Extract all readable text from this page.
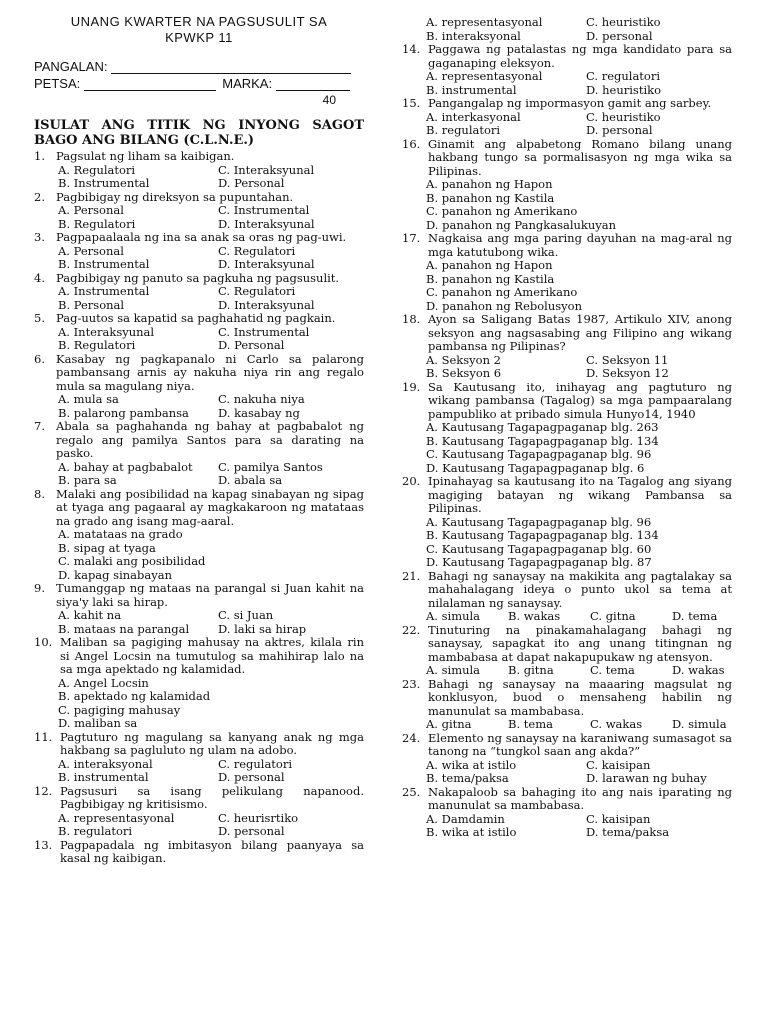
UNANG KWARTER NA PAGSUSULIT SA
KPWKP 11
PANGALAN:
PETSA:	MARKA:
40
ISULAT ANG TITIK NG INYONG SAGOT BAGO ANG BILANG (C.L.N.E.)
1. Pagsulat ng liham sa kaibigan.
A. Regulatori	C. Interaksyunal
B. Instrumental	D. Personal
2. Pagbibigay ng direksyon sa pupuntahan.
A. Personal	C. Instrumental
B. Regulatori	D. Interaksyunal
3. Pagpapaalaala ng ina sa anak sa oras ng pag-uwi.
A. Personal	C. Regulatori
B. Instrumental	D. Interaksyunal
4. Pagbibigay ng panuto sa pagkuha ng pagsusulit.
A. Instrumental	C. Regulatori
B. Personal	D. Interaksyunal
5. Pag-uutos sa kapatid sa paghahatid ng pagkain.
A. Interaksyunal	C. Instrumental
B. Regulatori	D. Personal
6. Kasabay ng pagkapanalo ni Carlo sa palarong pambansang arnis ay nakuha niya rin ang regalo mula sa magulang niya.
A. mula sa	C. nakuha niya
B. palarong pambansa	D. kasabay ng
7. Abala sa paghahanda ng bahay at pagbabalot ng regalo ang pamilya Santos para sa darating na pasko.
A. bahay at pagbabalot	C. pamilya Santos
B. para sa	D. abala sa
8. Malaki ang posibilidad na kapag sinabayan ng sipag at tyaga ang pagaaral ay magkakaroon ng matataas na grado ang isang mag-aaral.
A. matataas na grado
B. sipag at tyaga
C. malaki ang posibilidad
D. kapag sinabayan
9. Tumanggap ng mataas na parangal si Juan kahit na siya'y laki sa hirap.
A. kahit na	C. si Juan
B. mataas na parangal	D. laki sa hirap
10. Maliban sa pagiging mahusay na aktres, kilala rin si Angel Locsin na tumutulog sa mahihirap lalo na sa mga apektado ng kalamidad.
A. Angel Locsin
B. apektado ng kalamidad
C. pagiging mahusay
D. maliban sa
11. Pagtuturo ng magulang sa kanyang anak ng mga hakbang sa pagluluto ng ulam na adobo.
A. interaksyonal	C. regulatori
B. instrumental	D. personal
12. Pagsusuri sa isang pelikulang napanood. Pagbibigay ng kritisismo.
A. representasyonal	C. heurisrtiko
B. regulatori	D. personal
13. Pagpapadala ng imbitasyon bilang paanyaya sa kasal ng kaibigan.
A. representasyonal	C. heuristiko
B. interaksyonal	D. personal
14. Paggawa ng patalastas ng mga kandidato para sa gaganaping eleksyon.
A. representasyonal	C. regulatori
B. instrumental	D. heuristiko
15. Pangangalap ng impormasyon gamit ang sarbey.
A. interkasyonal	C. heuristiko
B. regulatori	D. personal
16. Ginamit ang alpabetong Romano bilang unang hakbang tungo sa pormalisasyon ng mga wika sa Pilipinas.
A. panahon ng Hapon
B. panahon ng Kastila
C. panahon ng Amerikano
D. panahon ng Pangkasalukuyan
17. Nagkaisa ang mga paring dayuhan na mag-aral ng mga katutubong wika.
A. panahon ng Hapon
B. panahon ng Kastila
C. panahon ng Amerikano
D. panahon ng Rebolusyon
18. Ayon sa Saligang Batas 1987, Artikulo XIV, anong seksyon ang nagsasabing ang Filipino ang wikang pambansa ng Pilipinas?
A. Seksyon 2	C. Seksyon 11
B. Seksyon 6	D. Seksyon 12
19. Sa Kautusang ito, inihayag ang pagtuturo ng wikang pambansa (Tagalog) sa mga pampaaralang pampubliko at pribado simula Hunyo14, 1940
A. Kautusang Tagapagpaganap blg. 263
B. Kautusang Tagapagpaganap blg. 134
C. Kautusang Tagapagpaganap blg. 96
D. Kautusang Tagapagpaganap blg. 6
20. Ipinahayag sa kautusang ito na Tagalog ang siyang magiging batayan ng wikang Pambansa sa Pilipinas.
A. Kautusang Tagapagpaganap blg. 96
B. Kautusang Tagapagpaganap blg. 134
C. Kautusang Tagapagpaganap blg. 60
D. Kautusang Tagapagpaganap blg. 87
21. Bahagi ng sanaysay na makikita ang pagtalakay sa mahahalagang ideya o punto ukol sa tema at nilalaman ng sanaysay.
A. simula	B. wakas	C. gitna	D. tema
22. Tinuturing na pinakamahalagang bahagi ng sanaysay, sapagkat ito ang unang titingnan ng mambabasa at dapat nakapupukaw ng atensyon.
A. simula	B. gitna	C. tema	D. wakas
23. Bahagi ng sanaysay na maaaring magsulat ng konklusyon, buod o mensaheng habilin ng manunulat sa mambabasa.
A. gitna	B. tema	C. wakas	D. simula
24. Elemento ng sanaysay na karaniwang sumasagot sa tanong na “tungkol saan ang akda?”
A. wika at istilo	C. kaisipan
B. tema/paksa	D. larawan ng buhay
25. Nakapaloob sa bahaging ito ang nais iparating ng manunulat sa mambabasa.
A. Damdamin	C. kaisipan
B. wika at istilo	D. tema/paksa
